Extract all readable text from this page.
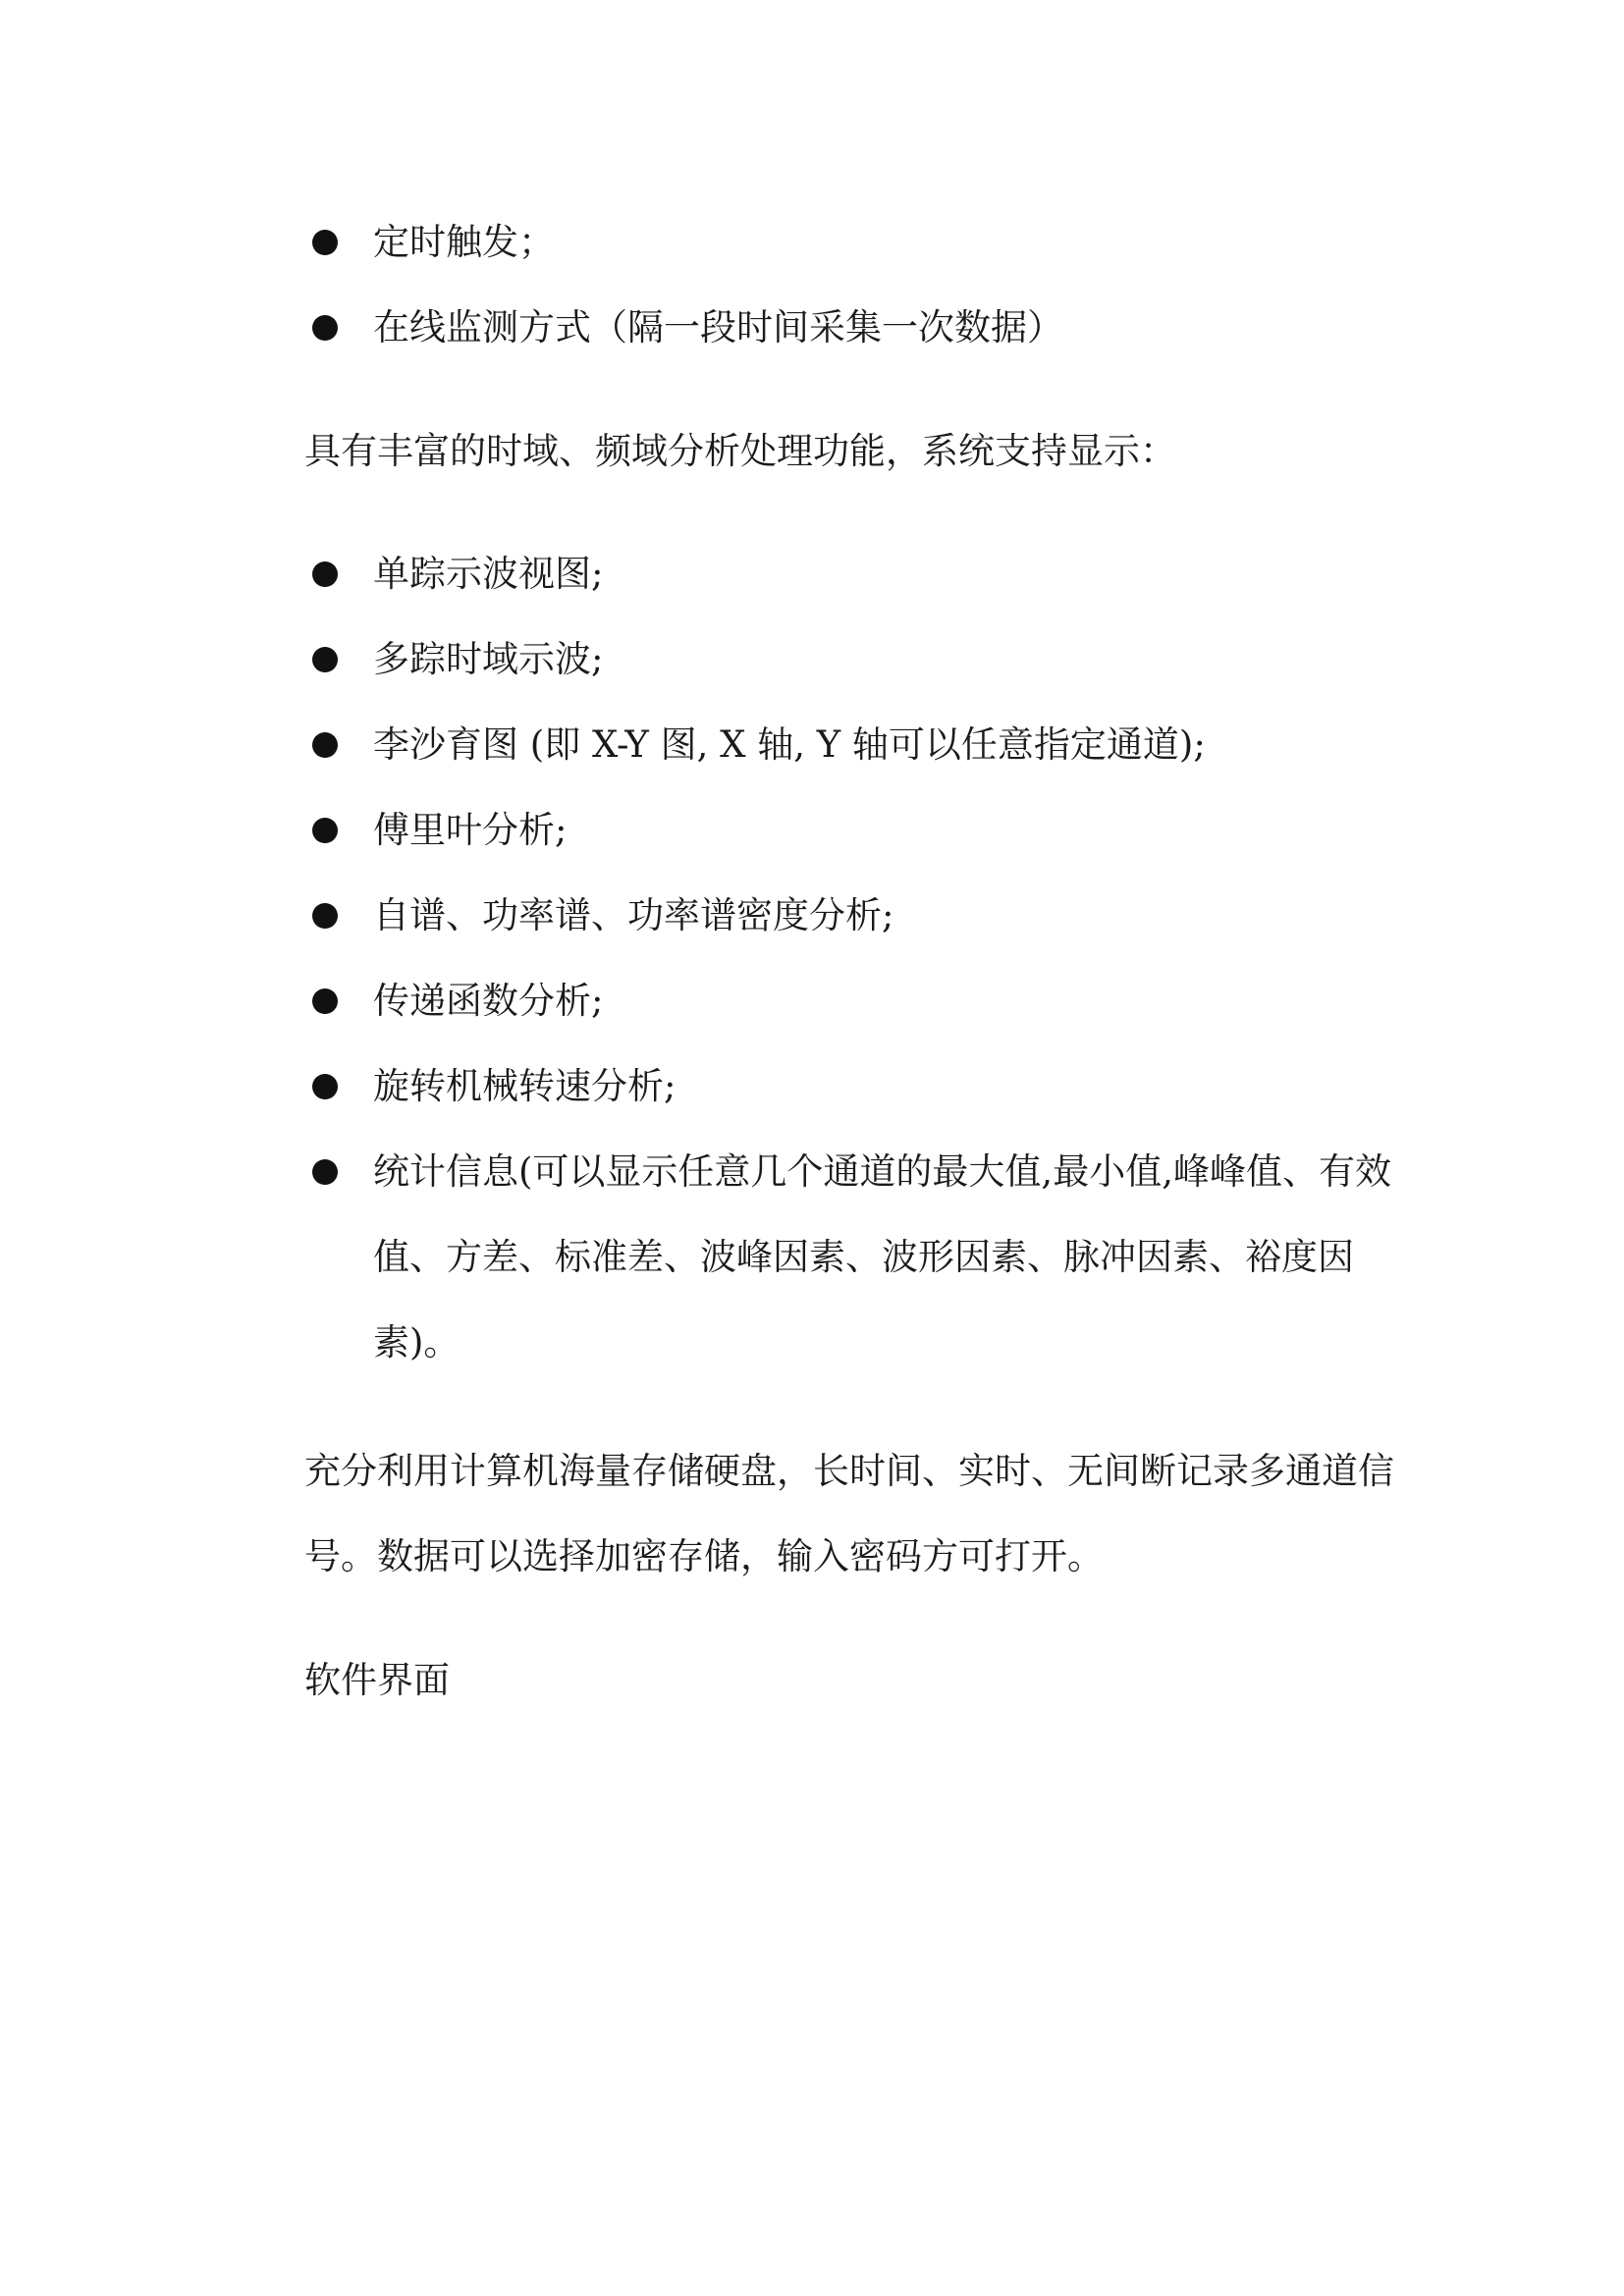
定时触发；
在线监测方式（隔一段时间采集一次数据）
具有丰富的时域、频域分析处理功能，系统支持显示：
单踪示波视图;
多踪时域示波;
李沙育图 (即 X-Y 图, X 轴, Y 轴可以任意指定通道);
傅里叶分析;
自谱、功率谱、功率谱密度分析;
传递函数分析;
旋转机械转速分析;
统计信息(可以显示任意几个通道的最大值,最小值,峰峰值、有效值、方差、标准差、波峰因素、波形因素、脉冲因素、裕度因素)。
充分利用计算机海量存储硬盘，长时间、实时、无间断记录多通道信号。数据可以选择加密存储，输入密码方可打开。
软件界面
